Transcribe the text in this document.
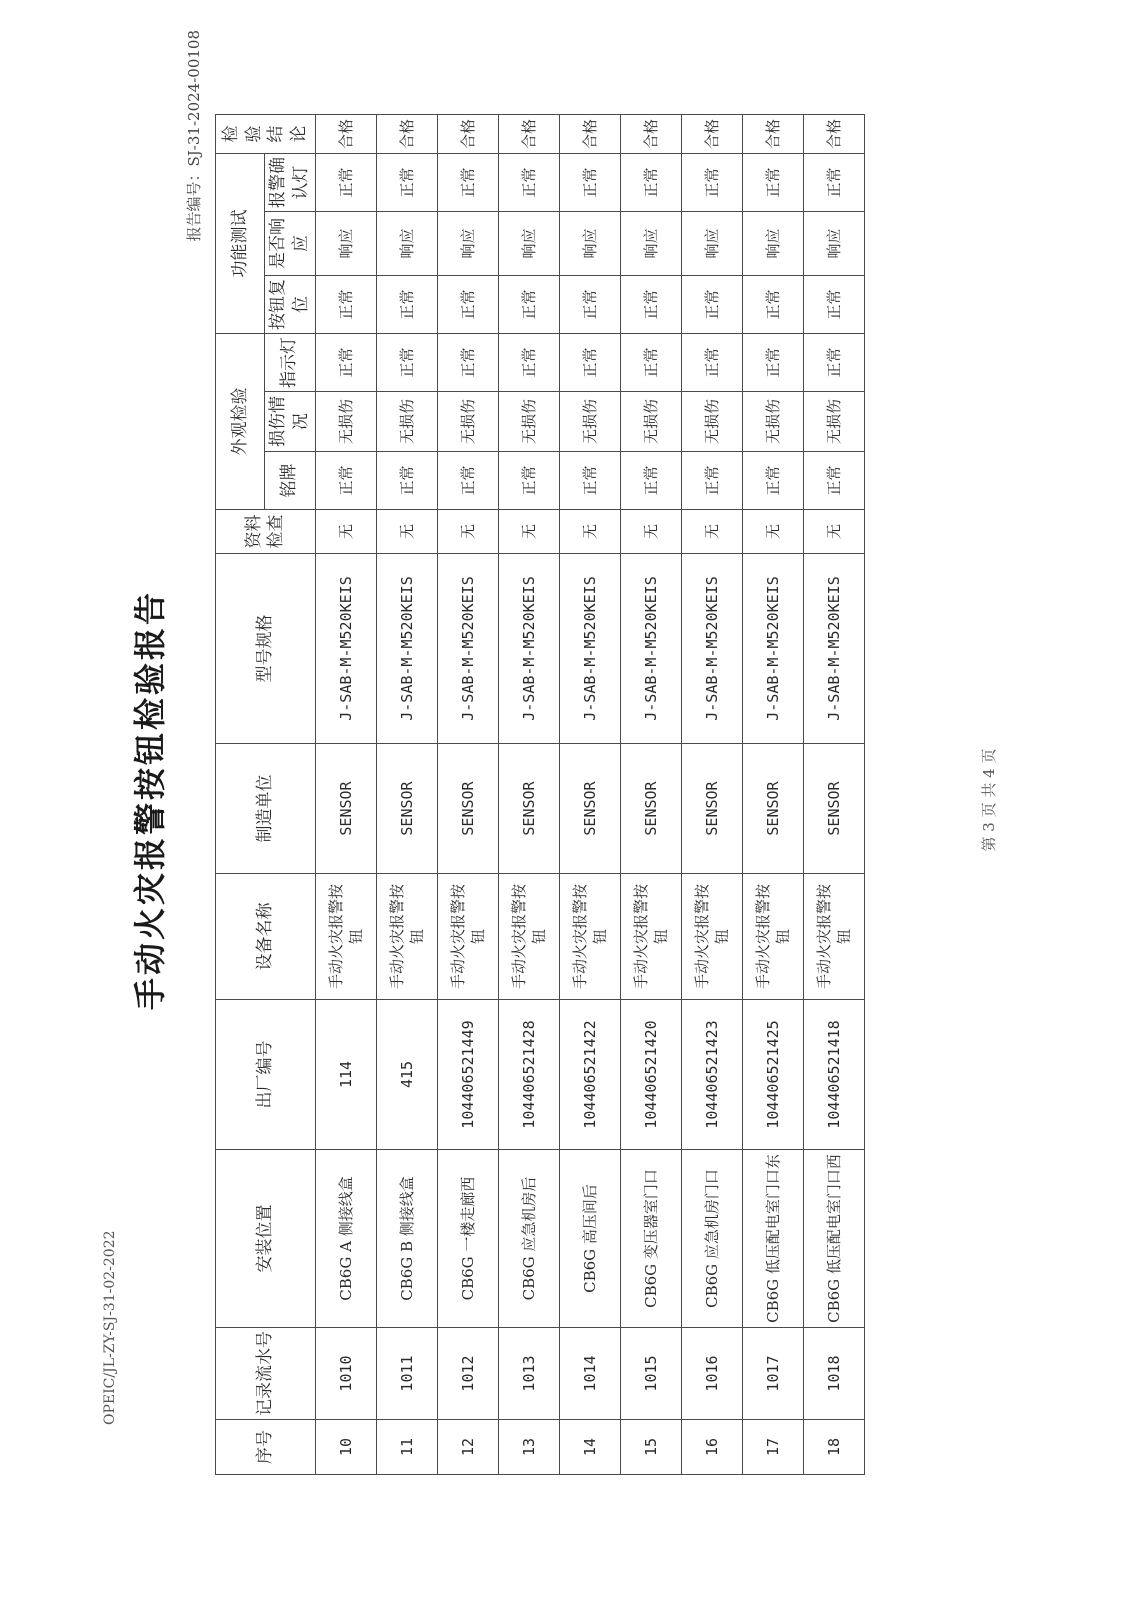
OPEIC/JL-ZY-SJ-31-02-2022
报告编号：SJ-31-2024-00108
手动火灾报警按钮检验报告
序号	记录流水号	安装位置	出厂编号	设备名称	制造单位	型号规格	资料检查	外观检验			功能测试			检验结论
								铭牌	损伤情况	指示灯	按钮复位	是否响应	报警确认灯	
10	1010	CB6G A 侧接线盒	114	手动火灾报警按钮	SENSOR	J-SAB-M-M520KEIS	无	正常	无损伤	正常	正常	响应	正常	合格
11	1011	CB6G B 侧接线盒	415	手动火灾报警按钮	SENSOR	J-SAB-M-M520KEIS	无	正常	无损伤	正常	正常	响应	正常	合格
12	1012	CB6G 一楼走廊西	104406521449	手动火灾报警按钮	SENSOR	J-SAB-M-M520KEIS	无	正常	无损伤	正常	正常	响应	正常	合格
13	1013	CB6G 应急机房后	104406521428	手动火灾报警按钮	SENSOR	J-SAB-M-M520KEIS	无	正常	无损伤	正常	正常	响应	正常	合格
14	1014	CB6G 高压间后	104406521422	手动火灾报警按钮	SENSOR	J-SAB-M-M520KEIS	无	正常	无损伤	正常	正常	响应	正常	合格
15	1015	CB6G 变压器室门口	104406521420	手动火灾报警按钮	SENSOR	J-SAB-M-M520KEIS	无	正常	无损伤	正常	正常	响应	正常	合格
16	1016	CB6G 应急机房门口	104406521423	手动火灾报警按钮	SENSOR	J-SAB-M-M520KEIS	无	正常	无损伤	正常	正常	响应	正常	合格
17	1017	CB6G 低压配电室门口东	104406521425	手动火灾报警按钮	SENSOR	J-SAB-M-M520KEIS	无	正常	无损伤	正常	正常	响应	正常	合格
18	1018	CB6G 低压配电室门口西	104406521418	手动火灾报警按钮	SENSOR	J-SAB-M-M520KEIS	无	正常	无损伤	正常	正常	响应	正常	合格
第 3 页 共 4 页
